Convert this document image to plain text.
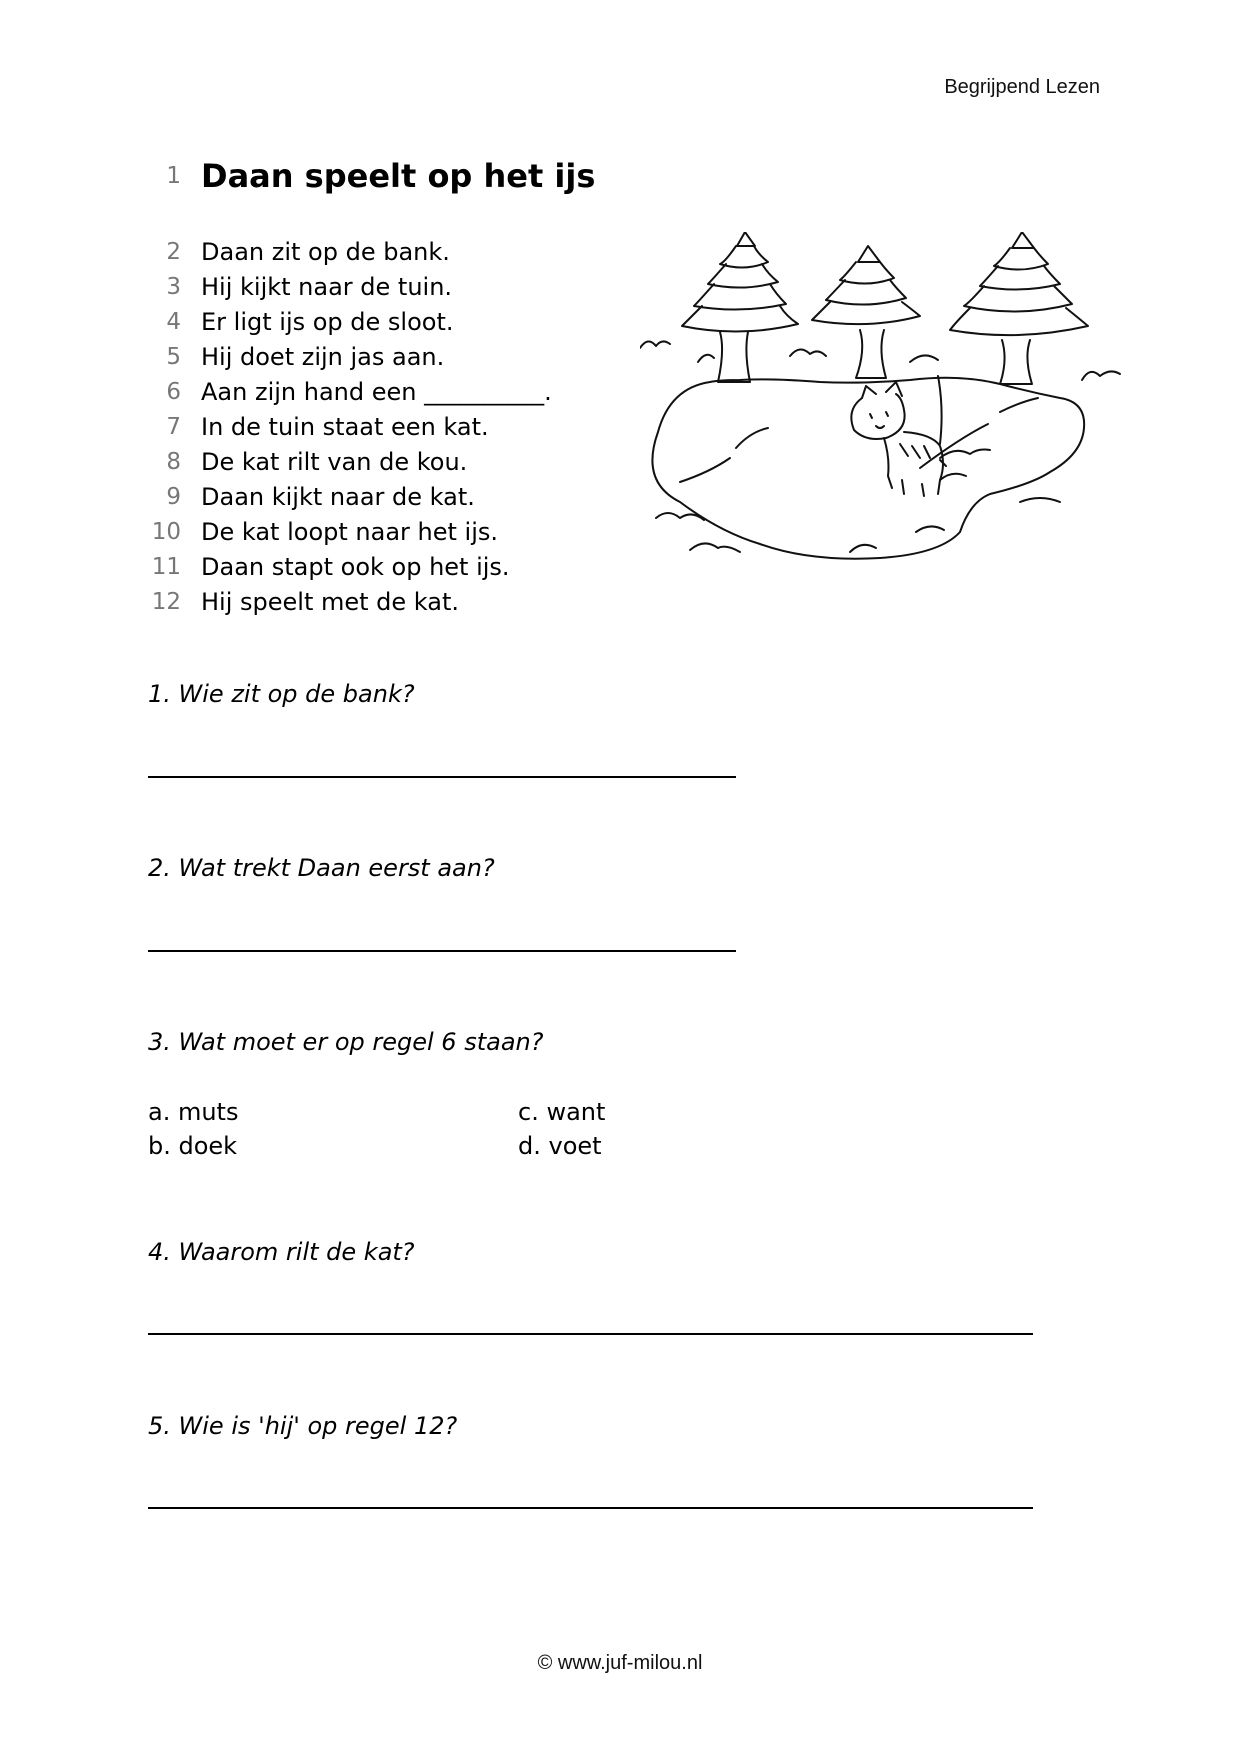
Begrijpend Lezen
1 Daan speelt op het ijs
2 Daan zit op de bank.
3 Hij kijkt naar de tuin.
4 Er ligt ijs op de sloot.
5 Hij doet zijn jas aan.
6 Aan zijn hand een __________.
7 In de tuin staat een kat.
8 De kat rilt van de kou.
9 Daan kijkt naar de kat.
10 De kat loopt naar het ijs.
11 Daan stapt ook op het ijs.
12 Hij speelt met de kat.
1. Wie zit op de bank?
2. Wat trekt Daan eerst aan?
3. Wat moet er op regel 6 staan?
a. muts
b. doek
c. want
d. voet
4. Waarom rilt de kat?
5. Wie is 'hij' op regel 12?
© www.juf-milou.nl
